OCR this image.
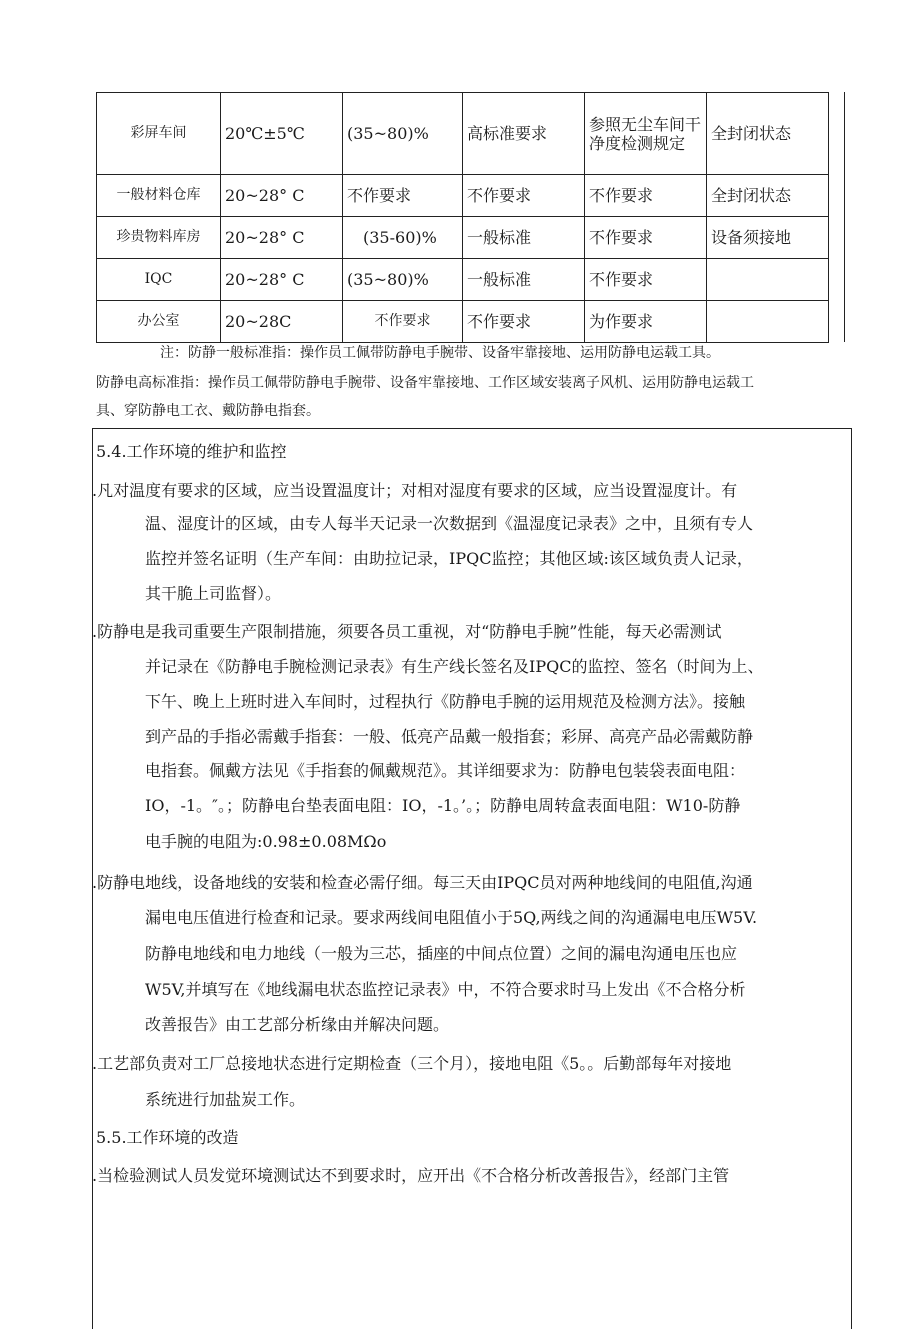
彩屏车间	20℃±5℃	(35~80)%	高标准要求	参照无尘车间干净度检测规定	全封闭状态
一般材料仓库	20~28° C	不作要求	不作要求	不作要求	全封闭状态
珍贵物料库房	20~28° C	(35-60)%	一般标准	不作要求	设备须接地
IQC	20~28° C	(35~80)%	一般标准	不作要求	
办公室	20~28C	不作要求	不作要求	为作要求	
注：防静一般标准指：操作员工佩带防静电手腕带、设备牢靠接地、运用防静电运载工具。
防静电高标准指：操作员工佩带防静电手腕带、设备牢靠接地、工作区域安装离子风机、运用防静电运载工
具、穿防静电工衣、戴防静电指套。
5.4.工作环境的维护和监控
.凡对温度有要求的区域，应当设置温度计；对相对湿度有要求的区域，应当设置湿度计。有
温、湿度计的区域，由专人每半天记录一次数据到《温湿度记录表》之中，且须有专人
监控并签名证明（生产车间：由助拉记录，IPQC监控；其他区域:该区域负责人记录，
其干脆上司监督）。
.防静电是我司重要生产限制措施，须要各员工重视，对“防静电手腕”性能，每天必需测试
并记录在《防静电手腕检测记录表》有生产线长签名及IPQC的监控、签名（时间为上、
下午、晚上上班时进入车间时，过程执行《防静电手腕的运用规范及检测方法》。接触
到产品的手指必需戴手指套：一般、低亮产品戴一般指套；彩屏、高亮产品必需戴防静
电指套。佩戴方法见《手指套的佩戴规范》。其详细要求为：防静电包装袋表面电阻：
IO，-1。″。；防静电台垫表面电阻：IO，-1。’。；防静电周转盒表面电阻：W10-防静
电手腕的电阻为:0.98±0.08MΩo
.防静电地线，设备地线的安装和检查必需仔细。每三天由IPQC员对两种地线间的电阻值,沟通
漏电电压值进行检查和记录。要求两线间电阻值小于5Q,两线之间的沟通漏电电压W5V.
防静电地线和电力地线（一般为三芯，插座的中间点位置）之间的漏电沟通电压也应
W5V,并填写在《地线漏电状态监控记录表》中，不符合要求时马上发出《不合格分析
改善报告》由工艺部分析缘由并解决问题。
.工艺部负责对工厂总接地状态进行定期检查（三个月），接地电阻《5。。后勤部每年对接地
系统进行加盐炭工作。
5.5.工作环境的改造
.当检验测试人员发觉环境测试达不到要求时，应开出《不合格分析改善报告》，经部门主管
